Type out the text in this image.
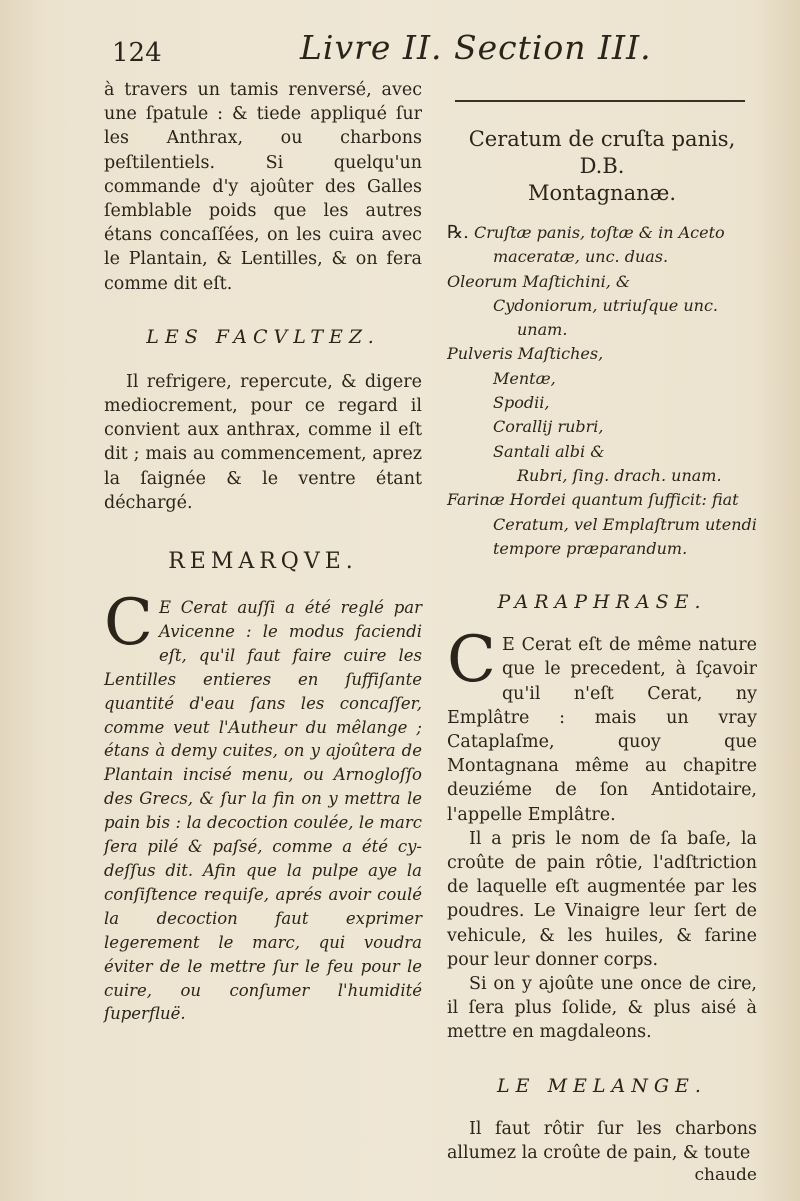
124	Livre II. Section III.

à travers un tamis renversé, avec une ſpatule : & tiede appliqué ſur les Anthrax, ou charbons peſtilentiels. Si quelqu'un commande d'y ajoûter des Galles ſemblable poids que les autres étans concaſſées, on les cuira avec le Plantain, & Lentilles, & on fera comme dit eſt.

LES FACVLTEZ.

Il refrigere, repercute, & digere mediocrement, pour ce regard il convient aux anthrax, comme il eſt dit ; mais au commencement, aprez la ſaignée & le ventre étant déchargé.

REMARQVE.

C E Cerat auſſi a été reglé par Avicenne : le modus faciendi eſt, qu'il faut faire cuire les Lentilles entieres en ſuffiſante quantité d'eau ſans les concaſſer, comme veut l'Autheur du mêlange ; étans à demy cuites, on y ajoûtera de Plantain incisé menu, ou Arnogloſſo des Grecs, & ſur la fin on y mettra le pain bis : la decoction coulée, le marc ſera pilé & paſsé, comme a été cy-deſſus dit. Afin que la pulpe aye la conſiſtence requiſe, aprés avoir coulé la decoction faut exprimer legerement le marc, qui voudra éviter de le mettre ſur le feu pour le cuire, ou conſumer l'humidité ſuperfluë.

Ceratum de cruſta panis, D.B.
Montagnanæ.

℞. Cruſtæ panis, toſtæ & in Aceto

maceratæ, unc. duas.

Oleorum Maſtichini, &

Cydoniorum, utriuſque unc.

unam.

Pulveris Maſtiches,

Mentæ,

Spodii,

Corallij rubri,

Santali albi &

Rubri, ſing. drach. unam.

Farinæ Hordei quantum ſufficit: fiat

Ceratum, vel Emplaſtrum utendi

tempore præparandum.

PARAPHRASE.

C E Cerat eſt de même nature que le precedent, à ſçavoir qu'il n'eſt Cerat, ny Emplâtre : mais un vray Cataplaſme, quoy que Montagnana même au chapitre deuziéme de ſon Antidotaire, l'appelle Emplâtre.

Il a pris le nom de ſa baſe, la croûte de pain rôtie, l'adſtriction de laquelle eſt augmentée par les poudres. Le Vinaigre leur ſert de vehicule, & les huiles, & farine pour leur donner corps.

Si on y ajoûte une once de cire, il ſera plus ſolide, & plus aisé à mettre en magdaleons.

LE MELANGE.

Il faut rôtir ſur les charbons allumez la croûte de pain, & toute

chaude
